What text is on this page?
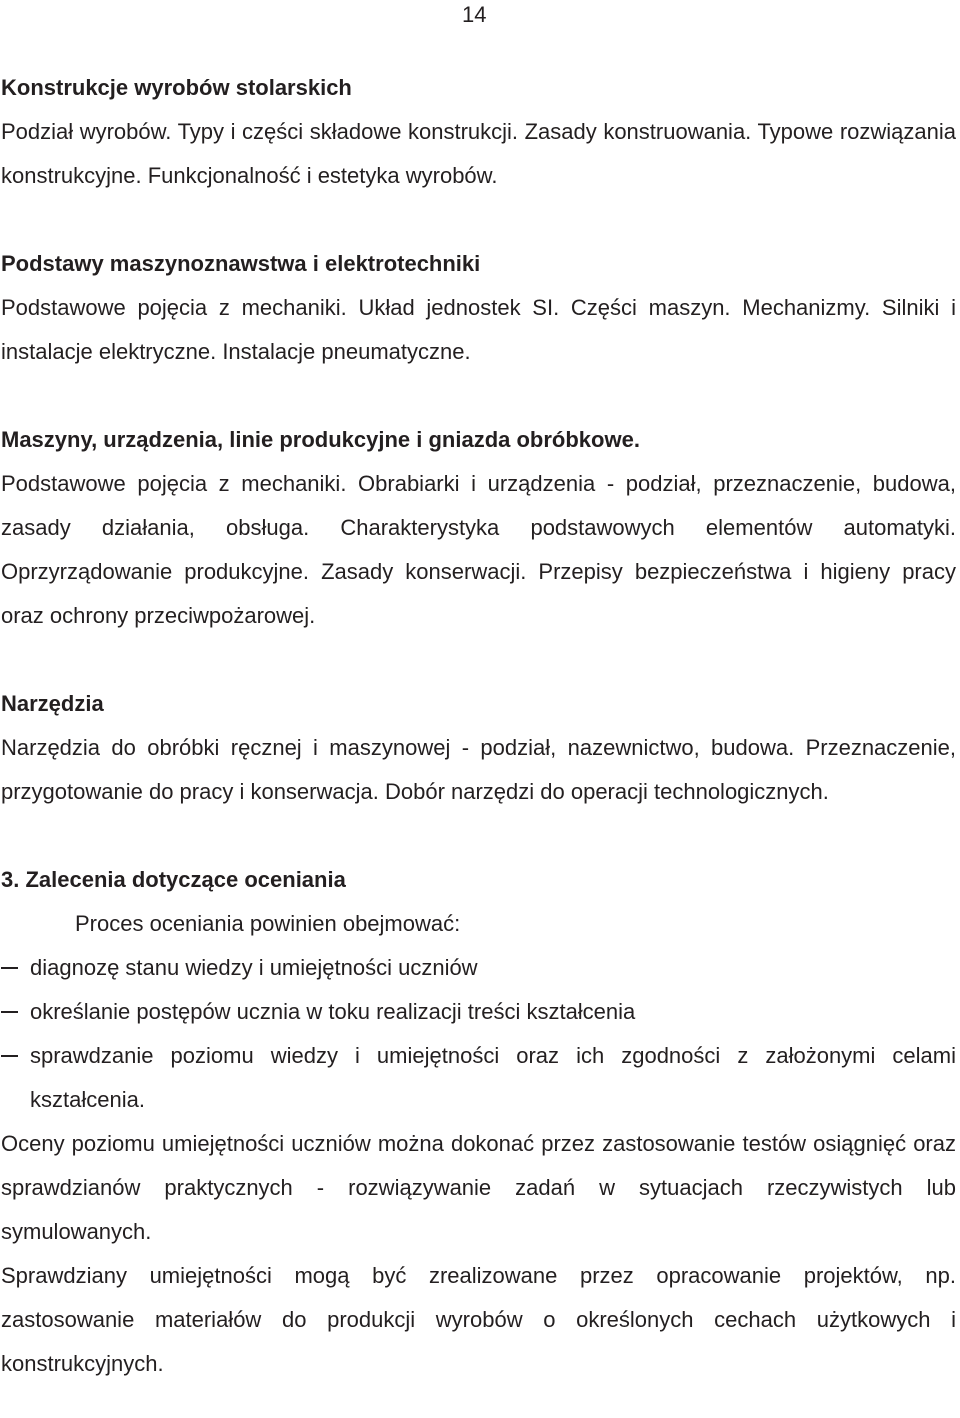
14

Konstrukcje wyrobów stolarskich

Podział wyrobów. Typy i części składowe konstrukcji. Zasady konstruowania. Typowe rozwiązania konstrukcyjne. Funkcjonalność i estetyka wyrobów.

Podstawy maszynoznawstwa i elektrotechniki

Podstawowe pojęcia z mechaniki. Układ jednostek SI. Części maszyn. Mechanizmy. Silniki i instalacje elektryczne. Instalacje pneumatyczne.

Maszyny, urządzenia, linie produkcyjne i gniazda obróbkowe.

Podstawowe pojęcia z mechaniki. Obrabiarki i urządzenia - podział, przeznaczenie, budowa, zasady działania, obsługa. Charakterystyka podstawowych elementów automatyki. Oprzyrządowanie produkcyjne. Zasady konserwacji. Przepisy bezpieczeństwa i higieny pracy oraz ochrony przeciwpożarowej.

Narzędzia

Narzędzia do obróbki ręcznej i maszynowej - podział, nazewnictwo, budowa. Przeznaczenie, przygotowanie do pracy i konserwacja. Dobór narzędzi do operacji technologicznych.

3. Zalecenia dotyczące oceniania

Proces oceniania powinien obejmować:

diagnozę stanu wiedzy i umiejętności uczniów
określanie postępów ucznia w toku realizacji treści kształcenia
sprawdzanie poziomu wiedzy i umiejętności oraz ich zgodności z założonymi celami kształcenia.

Oceny poziomu umiejętności uczniów można dokonać przez zastosowanie testów osiągnięć oraz sprawdzianów praktycznych - rozwiązywanie zadań w sytuacjach rzeczywistych lub symulowanych.

Sprawdziany umiejętności mogą być zrealizowane przez opracowanie projektów, np. zastosowanie materiałów do produkcji wyrobów o określonych cechach użytkowych i konstrukcyjnych.
